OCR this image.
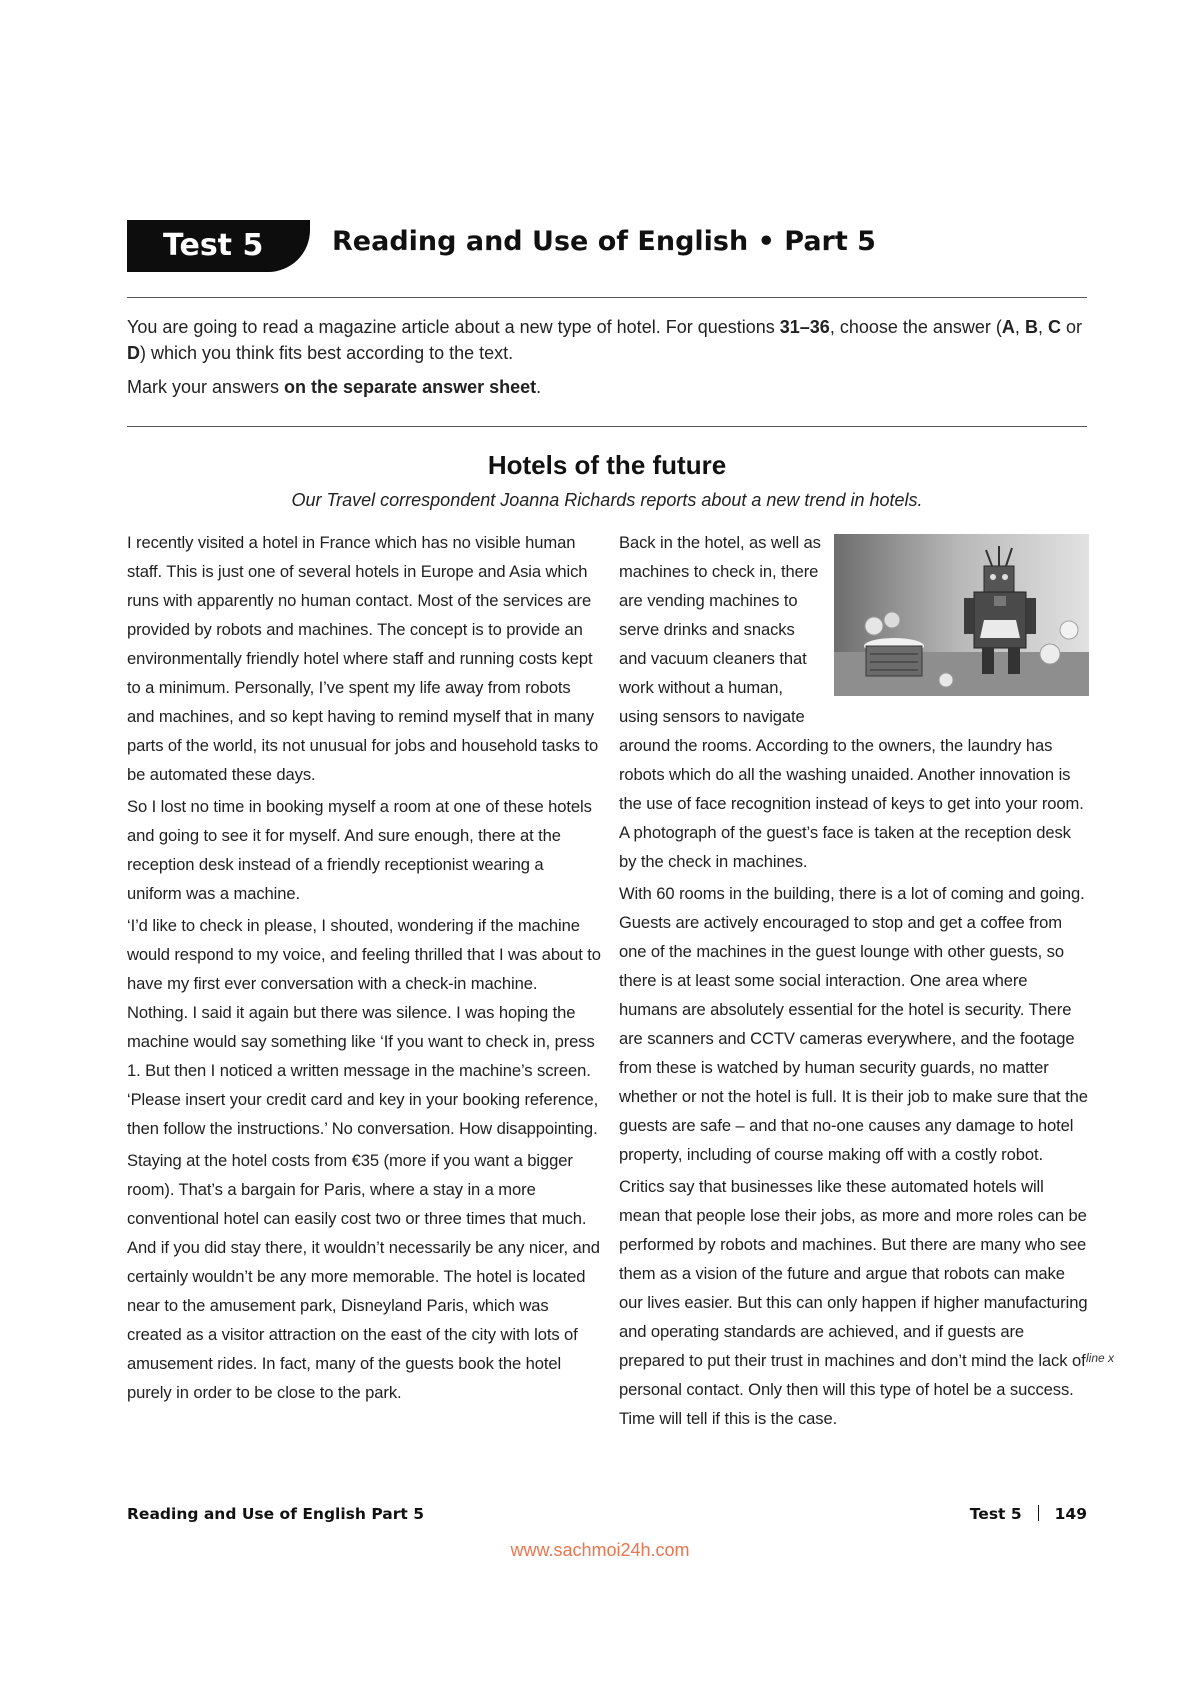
Test 5	Reading and Use of English • Part 5

You are going to read a magazine article about a new type of hotel. For questions 31–36, choose the answer (A, B, C or D) which you think fits best according to the text.

Mark your answers on the separate answer sheet.

Hotels of the future
Our Travel correspondent Joanna Richards reports about a new trend in hotels.

I recently visited a hotel in France which has no visible human staff. This is just one of several hotels in Europe and Asia which runs with apparently no human contact. Most of the services are provided by robots and machines. The concept is to provide an environmentally friendly hotel where staff and running costs kept to a minimum. Personally, I’ve spent my life away from robots and machines, and so kept having to remind myself that in many parts of the world, its not unusual for jobs and household tasks to be automated these days.

So I lost no time in booking myself a room at one of these hotels and going to see it for myself. And sure enough, there at the reception desk instead of a friendly receptionist wearing a uniform was a machine.

‘I’d like to check in please, I shouted, wondering if the machine would respond to my voice, and feeling thrilled that I was about to have my first ever conversation with a check-in machine. Nothing. I said it again but there was silence. I was hoping the machine would say something like ‘If you want to check in, press 1. But then I noticed a written message in the machine’s screen. ‘Please insert your credit card and key in your booking reference, then follow the instructions.’ No conversation. How disappointing.

Staying at the hotel costs from €35 (more if you want a bigger room). That’s a bargain for Paris, where a stay in a more conventional hotel can easily cost two or three times that much. And if you did stay there, it wouldn’t necessarily be any nicer, and certainly wouldn’t be any more memorable. The hotel is located near to the amusement park, Disneyland Paris, which was created as a visitor attraction on the east of the city with lots of amusement rides. In fact, many of the guests book the hotel purely in order to be close to the park.

Back in the hotel, as well as machines to check in, there are vending machines to serve drinks and snacks and vacuum cleaners that work without a human, using sensors to navigate around the rooms. According to the owners, the laundry has robots which do all the washing unaided. Another innovation is the use of face recognition instead of keys to get into your room. A photograph of the guest’s face is taken at the reception desk by the check in machines.

With 60 rooms in the building, there is a lot of coming and going. Guests are actively encouraged to stop and get a coffee from one of the machines in the guest lounge with other guests, so there is at least some social interaction. One area where humans are absolutely essential for the hotel is security. There are scanners and CCTV cameras everywhere, and the footage from these is watched by human security guards, no matter whether or not the hotel is full. It is their job to make sure that the guests are safe – and that no-one causes any damage to hotel property, including of course making off with a costly robot.

Critics say that businesses like these automated hotels will mean that people lose their jobs, as more and more roles can be performed by robots and machines. But there are many who see them as a vision of the future and argue that robots can make our lives easier. But this can only happen if higher manufacturing and operating standards are achieved, and if guests are prepared to put their trust in machines and don’t mind the lack of personal contact. Only then will this type of hotel be a success. Time will tell if this is the case.

line x
Reading and Use of English Part 5	Test 5 149
www.sachmoi24h.com
